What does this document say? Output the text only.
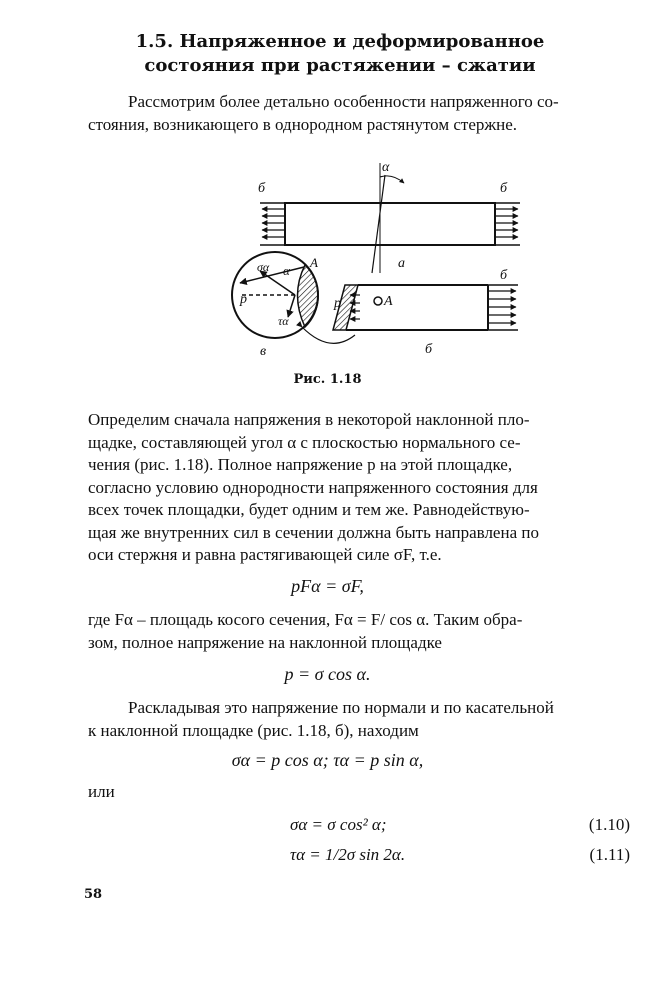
1.5. Напряженное и деформированное
состояния при растяжении – сжатии
Рассмотрим более детально особенности напряженного со-
стояния, возникающего в однородном растянутом стержне.
б	б
б
б
α
а
σα α
A
p
τα
в
p	A
Рис. 1.18
Определим сначала напряжения в некоторой наклонной пло-
щадке, составляющей угол α с плоскостью нормального се-
чения (рис. 1.18). Полное напряжение p на этой площадке,
согласно условию однородности напряженного состояния для
всех точек площадки, будет одним и тем же. Равнодействую-
щая же внутренних сил в сечении должна быть направлена по
оси стержня и равна растягивающей силе σF, т.е.
pFα = σF,
где Fα – площадь косого сечения, Fα = F/ cos α. Таким обра-
зом, полное напряжение на наклонной площадке
p = σ cos α.
Раскладывая это напряжение по нормали и по касательной
к наклонной площадке (рис. 1.18, б), находим
σα = p cos α; τα = p sin α,
или
σα = σ cos² α;	(1.10)
τα = 1/2σ sin 2α.	(1.11)
58
